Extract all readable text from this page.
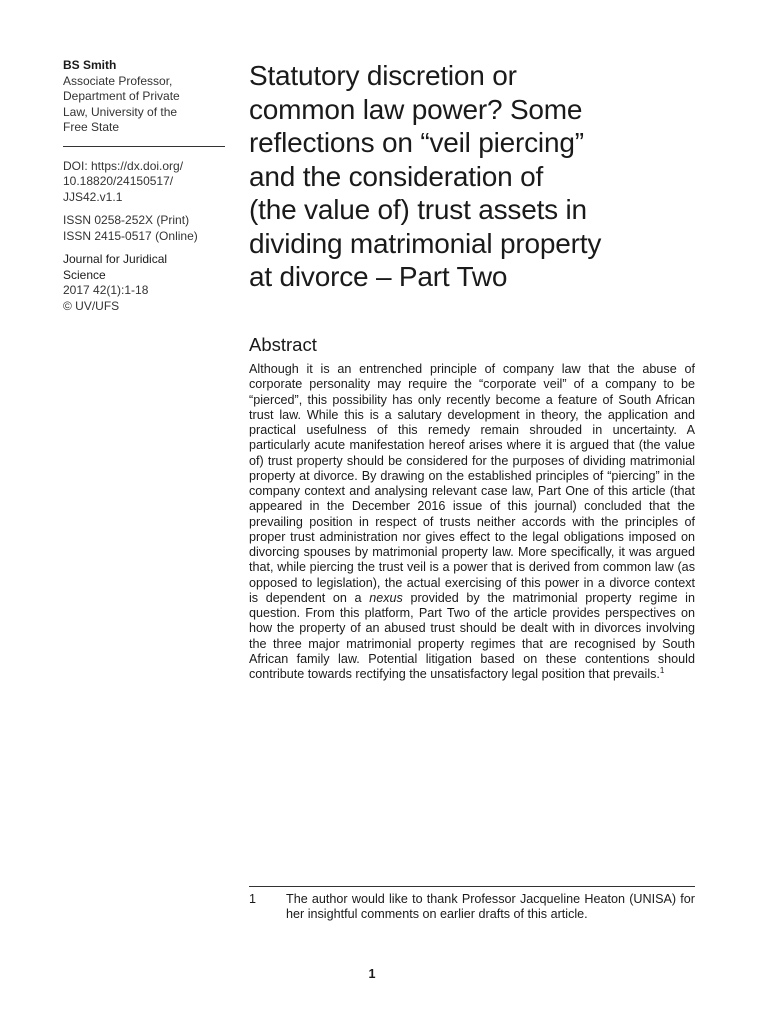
BS Smith
Associate Professor,
Department of Private
Law, University of the
Free State
DOI: https://dx.doi.org/
10.18820/24150517/
JJS42.v1.1
ISSN 0258-252X (Print)
ISSN 2415-0517 (Online)
Journal for Juridical
Science
2017 42(1):1-18
© UV/UFS
Statutory discretion or
common law power? Some
reflections on “veil piercing”
and the consideration of
(the value of) trust assets in
dividing matrimonial property
at divorce – Part Two
Abstract

Although it is an entrenched principle of company law that the abuse of corporate personality may require the “corporate veil” of a company to be “pierced”, this possibility has only recently become a feature of South African trust law. While this is a salutary development in theory, the application and practical usefulness of this remedy remain shrouded in uncertainty. A particularly acute manifestation hereof arises where it is argued that (the value of) trust property should be considered for the purposes of dividing matrimonial property at divorce. By drawing on the established principles of “piercing” in the company context and analysing relevant case law, Part One of this article (that appeared in the December 2016 issue of this journal) concluded that the prevailing position in respect of trusts neither accords with the principles of proper trust administration nor gives effect to the legal obligations imposed on divorcing spouses by matrimonial property law. More specifically, it was argued that, while piercing the trust veil is a power that is derived from common law (as opposed to legislation), the actual exercising of this power in a divorce context is dependent on a nexus provided by the matrimonial property regime in question. From this platform, Part Two of the article provides perspectives on how the property of an abused trust should be dealt with in divorces involving the three major matrimonial property regimes that are recognised by South African family law. Potential litigation based on these contentions should contribute towards rectifying the unsatisfactory legal position that prevails.$^1$

1 The author would like to thank Professor Jacqueline Heaton (UNISA) for her insightful comments on earlier drafts of this article.
1
